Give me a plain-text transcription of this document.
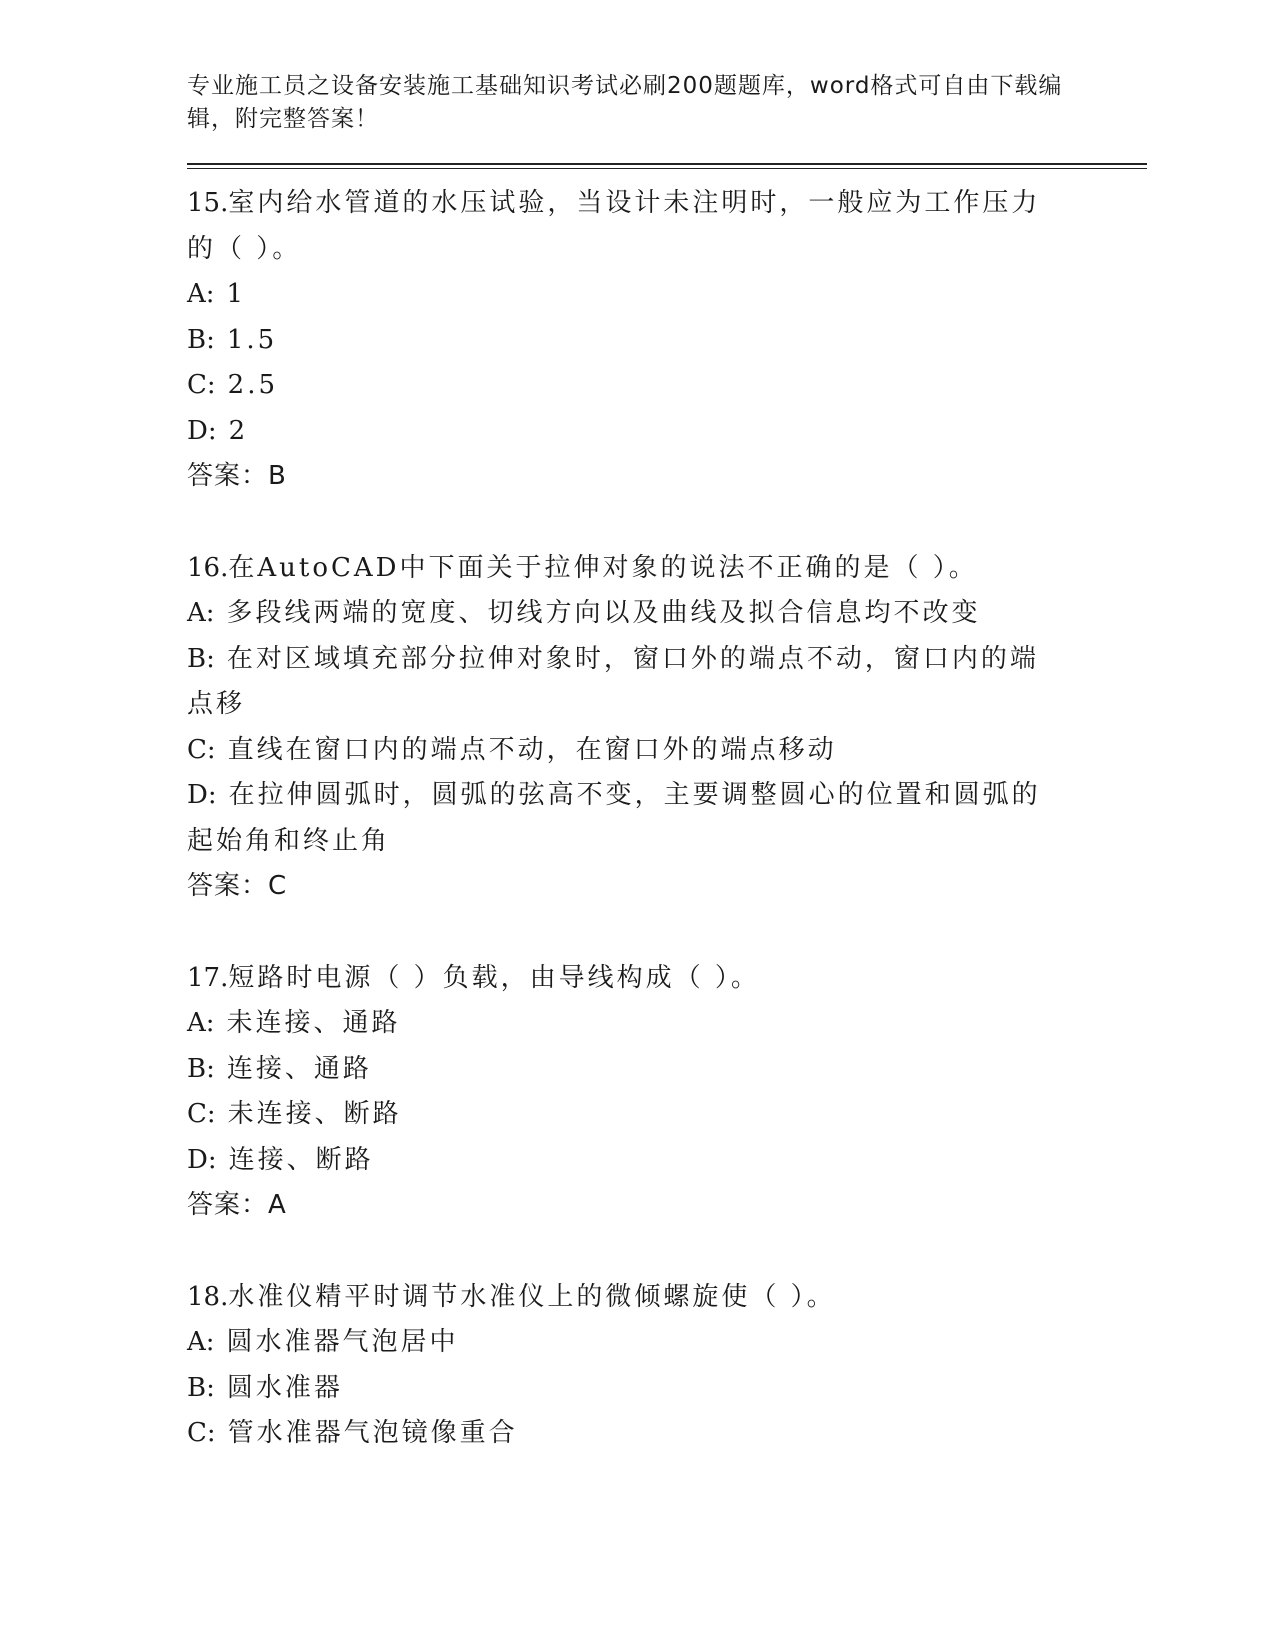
专业施工员之设备安装施工基础知识考试必刷200题题库，word格式可自由下载编辑，附完整答案！

15.室内给水管道的水压试验，当设计未注明时，一般应为工作压力的（ ）。
A: 1
B: 1.5
C: 2.5
D: 2
答案：B
16.在AutoCAD中下面关于拉伸对象的说法不正确的是（ ）。
A: 多段线两端的宽度、切线方向以及曲线及拟合信息均不改变
B: 在对区域填充部分拉伸对象时，窗口外的端点不动，窗口内的端点移
C: 直线在窗口内的端点不动，在窗口外的端点移动
D: 在拉伸圆弧时，圆弧的弦高不变，主要调整圆心的位置和圆弧的起始角和终止角
答案：C
17.短路时电源（ ）负载，由导线构成（ ）。
A: 未连接、通路
B: 连接、通路
C: 未连接、断路
D: 连接、断路
答案：A
18.水准仪精平时调节水准仪上的微倾螺旋使（ ）。
A: 圆水准器气泡居中
B: 圆水准器
C: 管水准器气泡镜像重合
